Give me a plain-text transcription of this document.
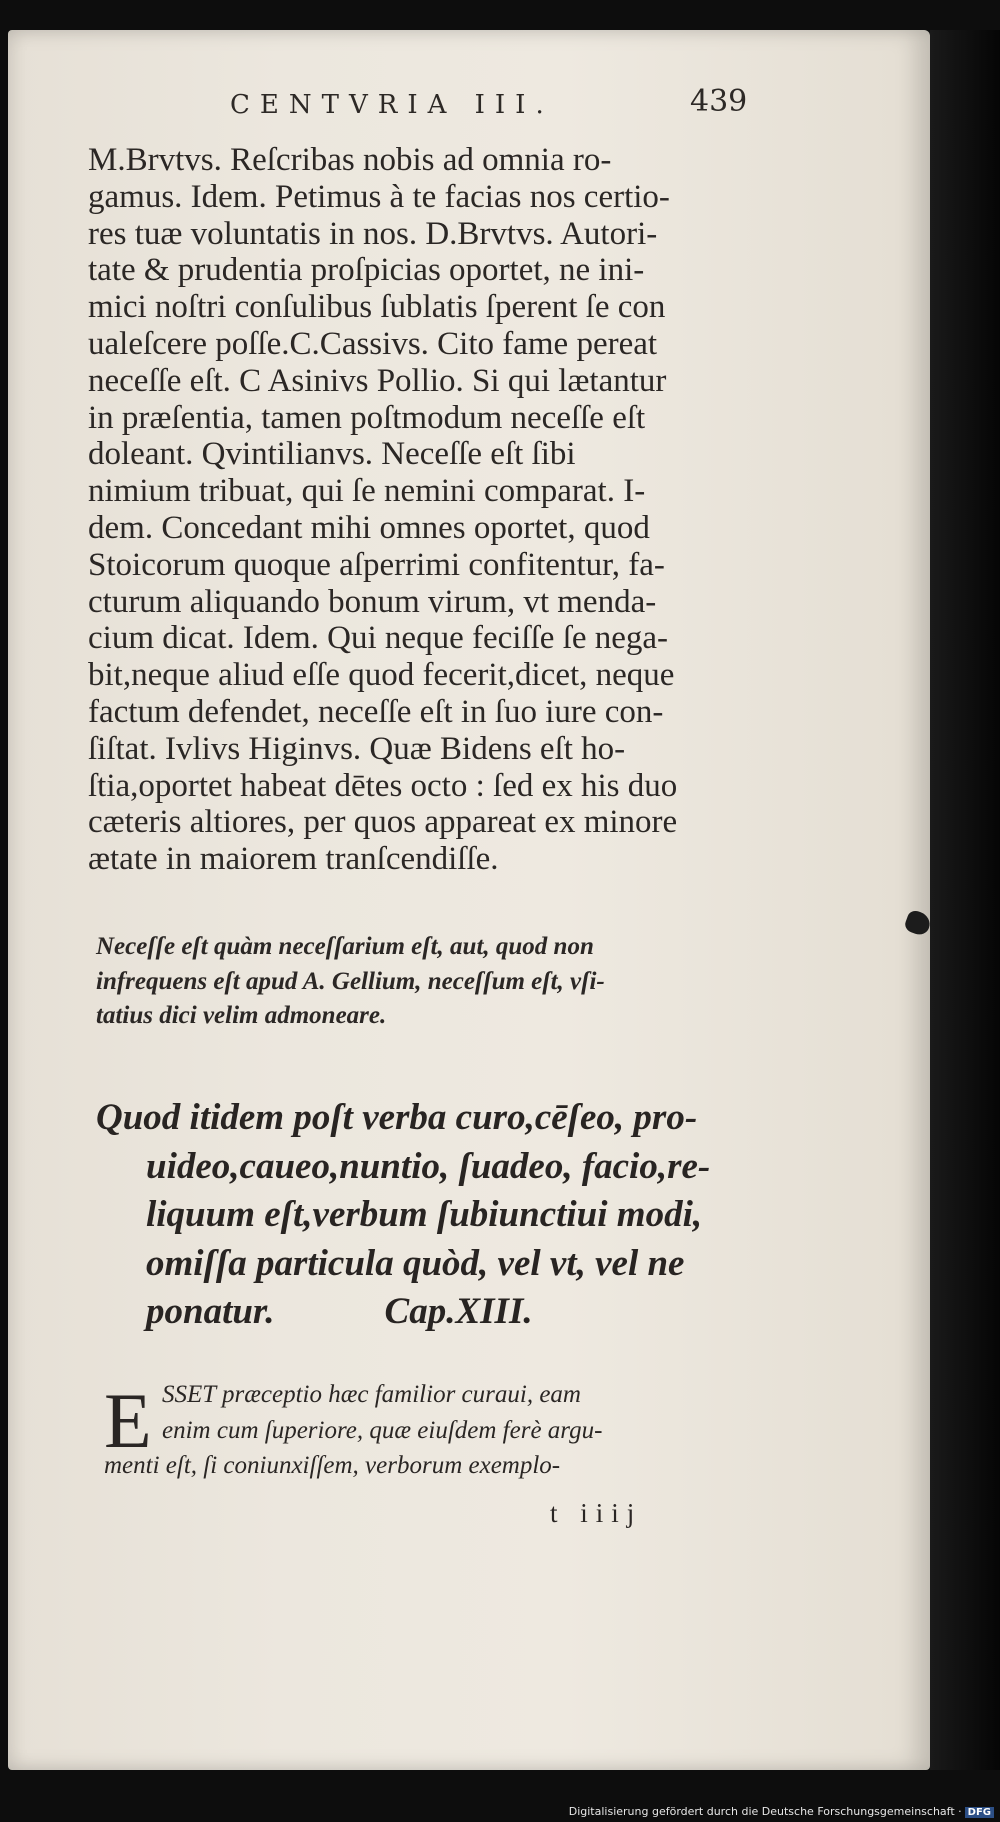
CENTVRIA III.	439
M.Brvtvs. Reſcribas nobis ad omnia ro-
gamus. Idem. Petimus à te facias nos certio-
res tuæ voluntatis in nos. D.Brvtvs. Autori-
tate & prudentia proſpicias oportet, ne ini-
mici noſtri conſulibus ſublatis ſperent ſe con
ualeſcere poſſe.C.Cassivs. Cito fame pereat
neceſſe eſt. C Asinivs Pollio. Si qui lætantur
in præſentia, tamen poſtmodum neceſſe eſt
doleant. Qvintilianvs. Neceſſe eſt ſibi
nimium tribuat, qui ſe nemini comparat. I-
dem. Concedant mihi omnes oportet, quod
Stoicorum quoque aſperrimi confitentur, fa-
cturum aliquando bonum virum, vt menda-
cium dicat. Idem. Qui neque feciſſe ſe nega-
bit,neque aliud eſſe quod fecerit,dicet, neque
factum defendet, neceſſe eſt in ſuo iure con-
ſiſtat. Ivlivs Higinvs. Quæ Bidens eſt ho-
ſtia,oportet habeat dētes octo : ſed ex his duo
cæteris altiores, per quos appareat ex minore
ætate in maiorem tranſcendiſſe.
Neceſſe eſt quàm neceſſarium eſt, aut, quod non
infrequens eſt apud A. Gellium, neceſſum eſt, vſi-
tatius dici velim admoneare.
Quod itidem poſt verba curo,cēſeo, pro-
uideo,caueo,nuntio, ſuadeo, facio,re-
liquum eſt,verbum ſubiunctiui modi,
omiſſa particula quòd, vel vt, vel ne
ponatur.	Cap.XIII.
E SSET præceptio hæc familior curaui, eam
enim cum ſuperiore, quæ eiuſdem ferè argu-
menti eſt, ſi coniunxiſſem, verborum exemplo-
t iiij
Digitalisierung gefördert durch die Deutsche Forschungsgemeinschaft · DFG
